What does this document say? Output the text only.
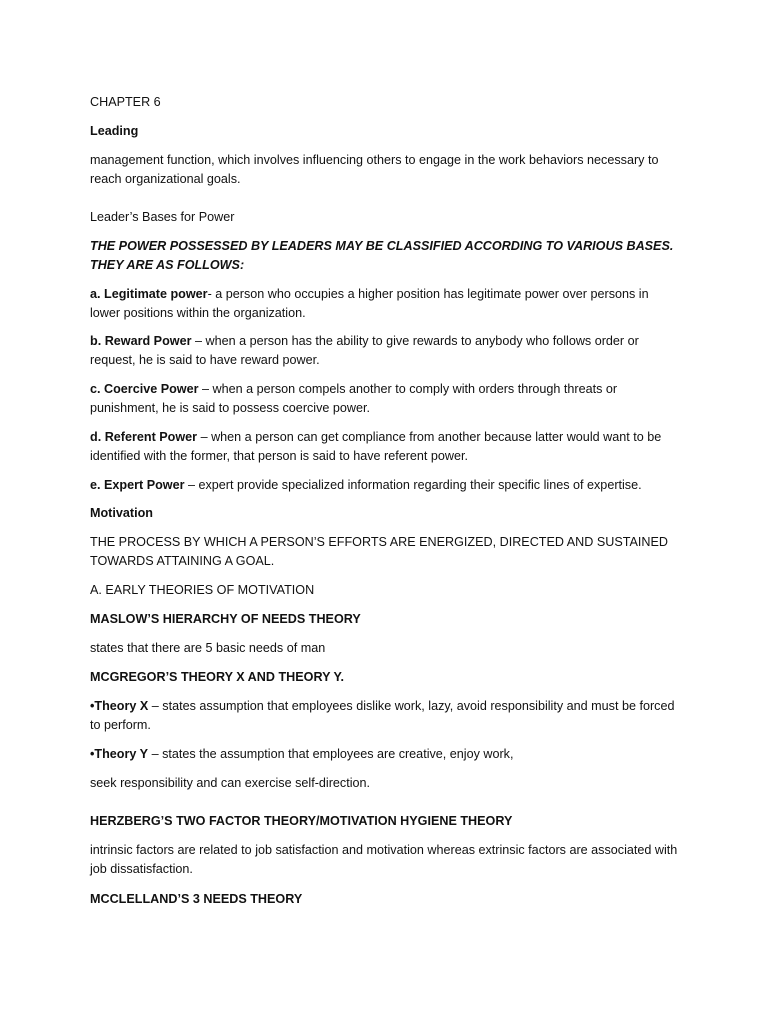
CHAPTER 6

Leading

management function, which involves influencing others to engage in the work behaviors necessary to reach organizational goals.

Leader’s Bases for Power

THE POWER POSSESSED BY LEADERS MAY BE CLASSIFIED ACCORDING TO VARIOUS BASES. THEY ARE AS FOLLOWS:

a. Legitimate power- a person who occupies a higher position has legitimate power over persons in lower positions within the organization.

b. Reward Power – when a person has the ability to give rewards to anybody who follows order or request, he is said to have reward power.

c. Coercive Power – when a person compels another to comply with orders through threats or punishment, he is said to possess coercive power.

d. Referent Power – when a person can get compliance from another because latter would want to be identified with the former, that person is said to have referent power.

e. Expert Power – expert provide specialized information regarding their specific lines of expertise.

Motivation

THE PROCESS BY WHICH A PERSON’S EFFORTS ARE ENERGIZED, DIRECTED AND SUSTAINED TOWARDS ATTAINING A GOAL.

A. EARLY THEORIES OF MOTIVATION

MASLOW’S HIERARCHY OF NEEDS THEORY

states that there are 5 basic needs of man

MCGREGOR’S THEORY X AND THEORY Y.

•Theory X – states assumption that employees dislike work, lazy, avoid responsibility and must be forced to perform.

•Theory Y – states the assumption that employees are creative, enjoy work,

seek responsibility and can exercise self-direction.

HERZBERG’S TWO FACTOR THEORY/MOTIVATION HYGIENE THEORY

intrinsic factors are related to job satisfaction and motivation whereas extrinsic factors are associated with job dissatisfaction.

MCCLELLAND’S 3 NEEDS THEORY
